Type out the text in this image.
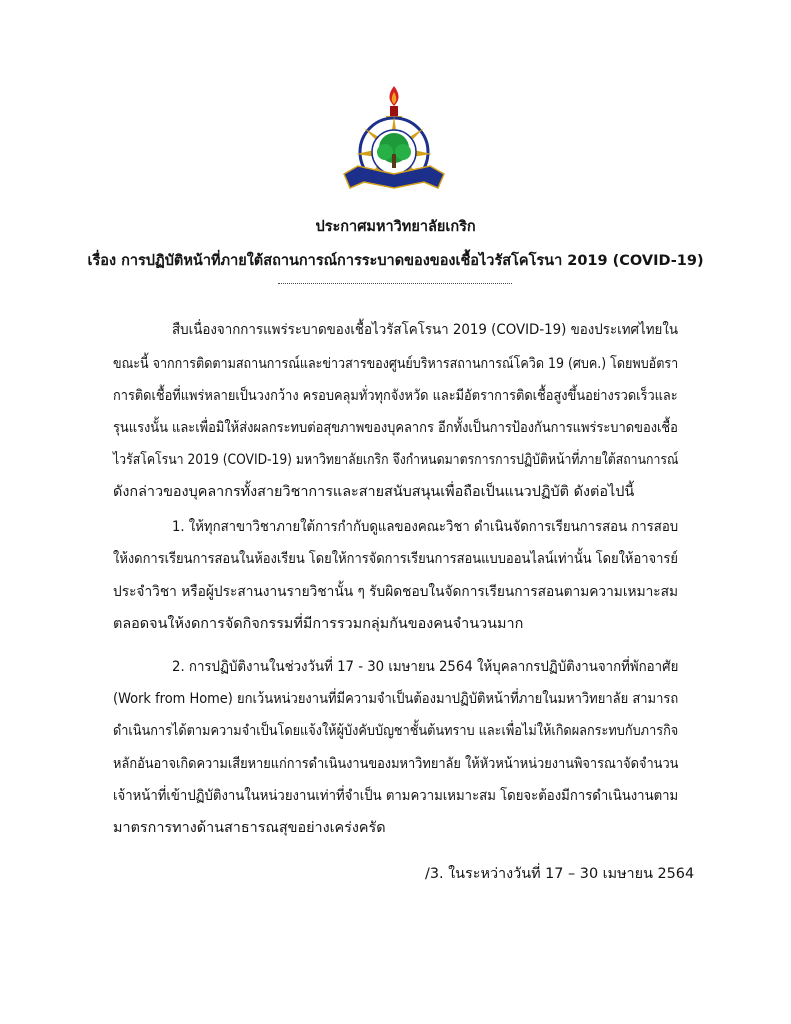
ประกาศมหาวิทยาลัยเกริก
เรื่อง การปฏิบัติหน้าที่ภายใต้สถานการณ์การระบาดของของเชื้อไวรัสโคโรนา 2019 (COVID-19)
สืบเนื่องจากการแพร่ระบาดของเชื้อไวรัสโคโรนา 2019 (COVID-19) ของประเทศไทยใน
ขณะนี้ จากการติดตามสถานการณ์และข่าวสารของศูนย์บริหารสถานการณ์โควิด 19 (ศบค.) โดยพบอัตรา
การติดเชื้อที่แพร่หลายเป็นวงกว้าง ครอบคลุมทั่วทุกจังหวัด และมีอัตราการติดเชื้อสูงขึ้นอย่างรวดเร็วและ
รุนแรงนั้น และเพื่อมิให้ส่งผลกระทบต่อสุขภาพของบุคลากร อีกทั้งเป็นการป้องกันการแพร่ระบาดของเชื้อ
ไวรัสโคโรนา 2019 (COVID-19) มหาวิทยาลัยเกริก จึงกำหนดมาตรการการปฏิบัติหน้าที่ภายใต้สถานการณ์
ดังกล่าวของบุคลากรทั้งสายวิชาการและสายสนับสนุนเพื่อถือเป็นแนวปฏิบัติ ดังต่อไปนี้
1. ให้ทุกสาขาวิชาภายใต้การกำกับดูแลของคณะวิชา ดำเนินจัดการเรียนการสอน การสอบ
ให้งดการเรียนการสอนในห้องเรียน โดยให้การจัดการเรียนการสอนแบบออนไลน์เท่านั้น โดยให้อาจารย์
ประจำวิชา หรือผู้ประสานงานรายวิชานั้น ๆ รับผิดชอบในจัดการเรียนการสอนตามความเหมาะสม
ตลอดจนให้งดการจัดกิจกรรมที่มีการรวมกลุ่มกันของคนจำนวนมาก
2. การปฏิบัติงานในช่วงวันที่ 17 - 30 เมษายน 2564 ให้บุคลากรปฏิบัติงานจากที่พักอาศัย
(Work from Home) ยกเว้นหน่วยงานที่มีความจำเป็นต้องมาปฏิบัติหน้าที่ภายในมหาวิทยาลัย สามารถ
ดำเนินการได้ตามความจำเป็นโดยแจ้งให้ผู้บังคับบัญชาชั้นต้นทราบ และเพื่อไม่ให้เกิดผลกระทบกับภารกิจ
หลักอันอาจเกิดความเสียหายแก่การดำเนินงานของมหาวิทยาลัย ให้หัวหน้าหน่วยงานพิจารณาจัดจำนวน
เจ้าหน้าที่เข้าปฏิบัติงานในหน่วยงานเท่าที่จำเป็น ตามความเหมาะสม โดยจะต้องมีการดำเนินงานตาม
มาตรการทางด้านสาธารณสุขอย่างเคร่งครัด
/3. ในระหว่างวันที่ 17 – 30 เมษายน 2564
